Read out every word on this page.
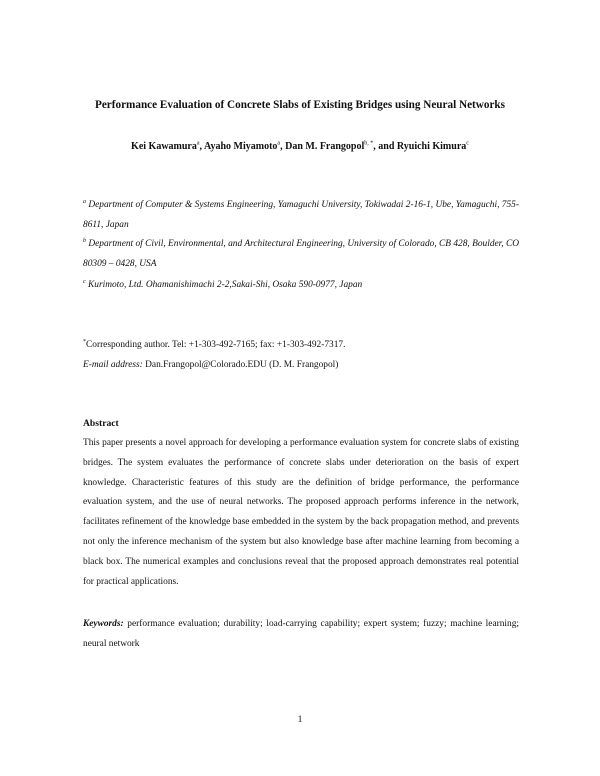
Performance Evaluation of Concrete Slabs of Existing Bridges using Neural Networks
Kei Kawamura$^a$, Ayaho Miyamoto$^a$, Dan M. Frangopol$^{b, *}$, and Ryuichi Kimura$^c$
$^a$ Department of Computer & Systems Engineering, Yamaguchi University, Tokiwadai 2-16-1, Ube, Yamaguchi, 755-8611, Japan
$^b$ Department of Civil, Environmental, and Architectural Engineering, University of Colorado, CB 428, Boulder, CO 80309 – 0428, USA
$^c$ Kurimoto, Ltd. Ohamanishimachi 2-2,Sakai-Shi, Osaka 590-0977, Japan
*Corresponding author. Tel: +1-303-492-7165; fax: +1-303-492-7317.
E-mail address: Dan.Frangopol@Colorado.EDU (D. M. Frangopol)
Abstract
This paper presents a novel approach for developing a performance evaluation system for concrete slabs of existing bridges. The system evaluates the performance of concrete slabs under deterioration on the basis of expert knowledge. Characteristic features of this study are the definition of bridge performance, the performance evaluation system, and the use of neural networks. The proposed approach performs inference in the network, facilitates refinement of the knowledge base embedded in the system by the back propagation method, and prevents not only the inference mechanism of the system but also knowledge base after machine learning from becoming a black box. The numerical examples and conclusions reveal that the proposed approach demonstrates real potential for practical applications.
Keywords: performance evaluation; durability; load-carrying capability; expert system; fuzzy; machine learning; neural network
1
